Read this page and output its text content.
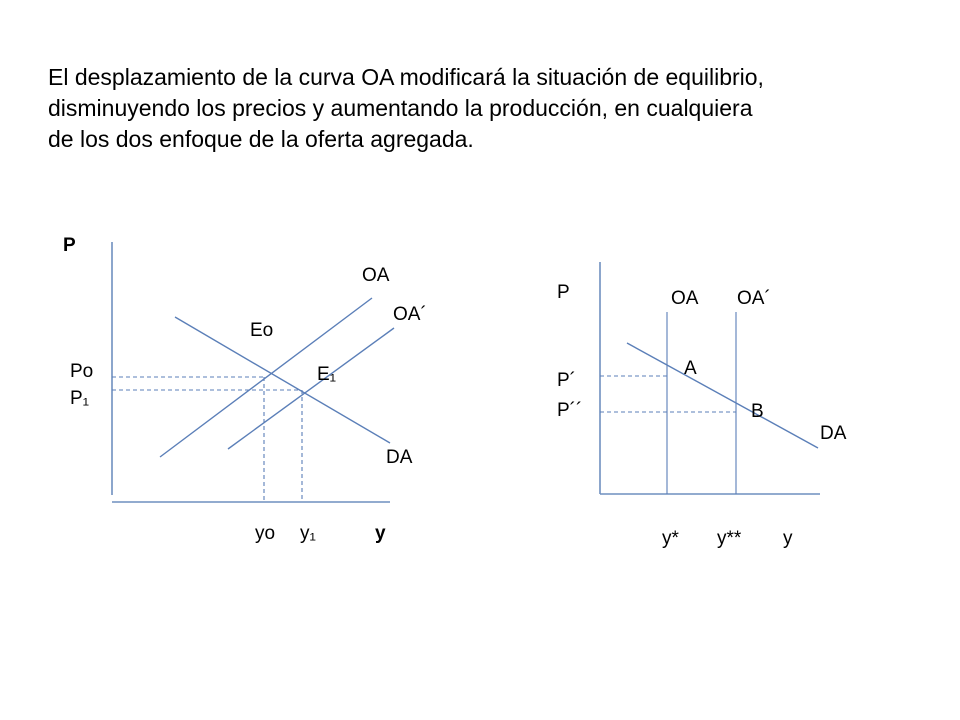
El desplazamiento de la curva OA modificará la situación de equilibrio,
disminuyendo los precios y aumentando la producción, en cualquiera
de los dos enfoque de la oferta agregada.
P
OA
OA´
Eo
E₁
Po
P₁
DA
yo y₁	y
P	OA OA´
A
B
P´
P´´
DA
y* y** y
